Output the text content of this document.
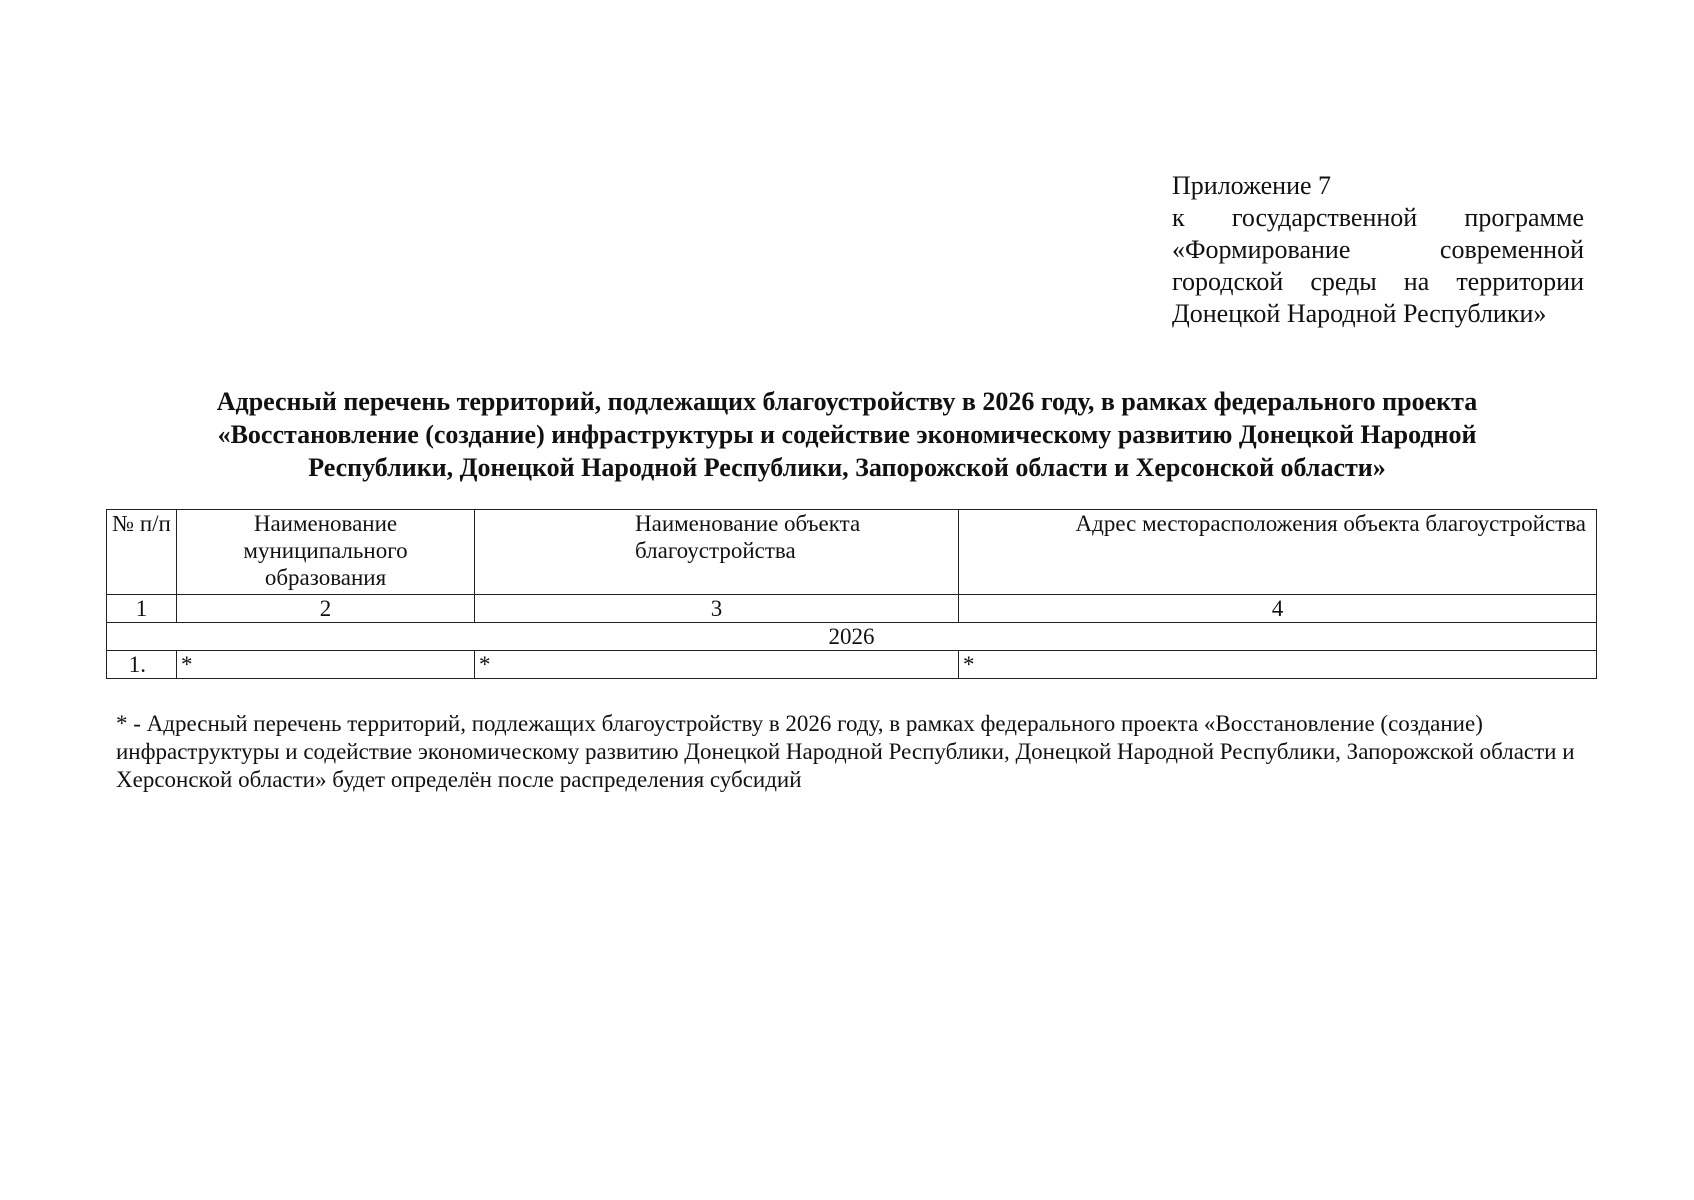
Приложение 7
к государственной программе
«Формирование современной
городской среды на территории
Донецкой Народной Республики»
Адресный перечень территорий, подлежащих благоустройству в 2026 году, в рамках федерального проекта
«Восстановление (создание) инфраструктуры и содействие экономическому развитию Донецкой Народной
Республики, Донецкой Народной Республики, Запорожской области и Херсонской области»
№ п/п	Наименование муниципального образования	Наименование объекта благоустройства	Адрес месторасположения объекта благоустройства
1	2	3	4
2026			
1.	*	*	*
* - Адресный перечень территорий, подлежащих благоустройству в 2026 году, в рамках федерального проекта «Восстановление (создание) инфраструктуры и содействие экономическому развитию Донецкой Народной Республики, Донецкой Народной Республики, Запорожской области и Херсонской области» будет определён после распределения субсидий
